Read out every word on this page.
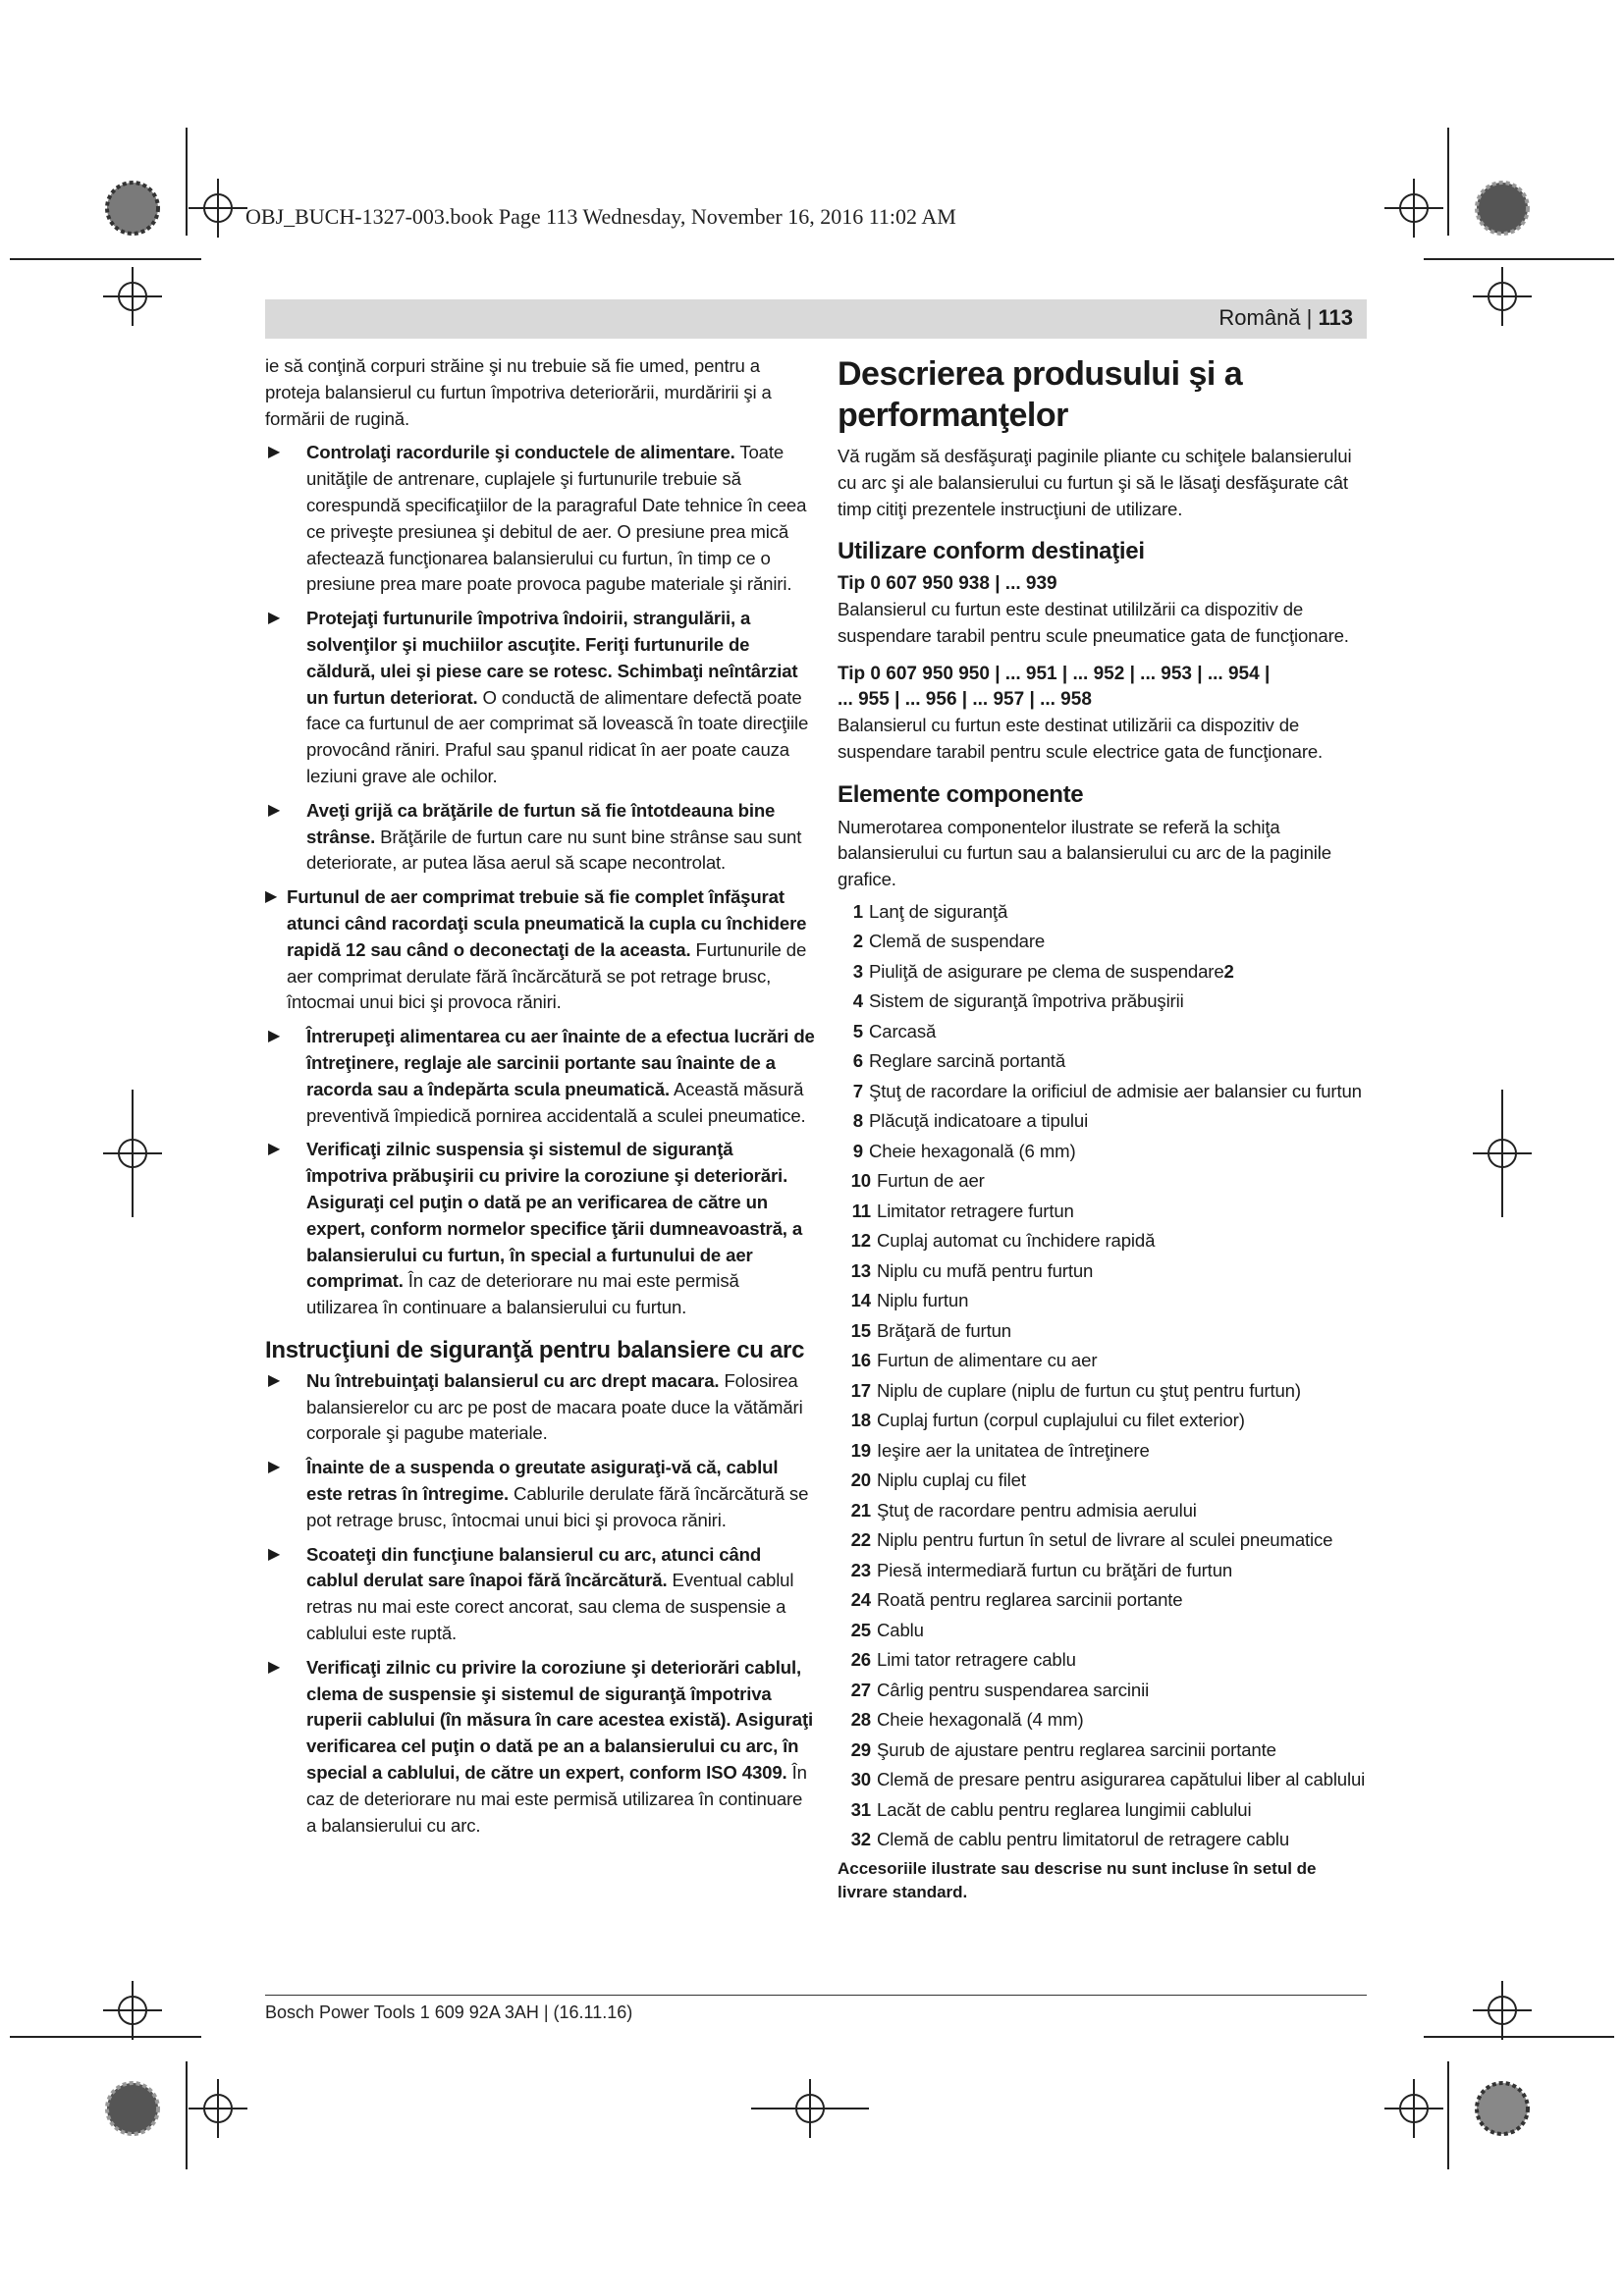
OBJ_BUCH-1327-003.book Page 113 Wednesday, November 16, 2016 11:02 AM
Română | 113

ie să conţină corpuri străine şi nu trebuie să fie umed, pentru a proteja balansierul cu furtun împotriva deteriorării, murdăririi şi a formării de rugină.

▶ Controlaţi racordurile şi conductele de alimentare. Toate unităţile de antrenare, cuplajele şi furtunurile trebuie să corespundă specificaţiilor de la paragraful Date tehnice în ceea ce priveşte presiunea şi debitul de aer. O presiune prea mică afectează funcţionarea balansierului cu furtun, în timp ce o presiune prea mare poate provoca pagube materiale şi răniri.
▶ Protejaţi furtunurile împotriva îndoirii, strangulării, a solvenţilor şi muchiilor ascuţite. Feriţi furtunurile de căldură, ulei şi piese care se rotesc. Schimbaţi neîntârziat un furtun deteriorat. O conductă de alimentare defectă poate face ca furtunul de aer comprimat să lovească în toate direcţiile provocând răniri. Praful sau şpanul ridicat în aer poate cauza leziuni grave ale ochilor.
▶ Aveţi grijă ca brăţările de furtun să fie întotdeauna bine strânse. Brăţările de furtun care nu sunt bine strânse sau sunt deteriorate, ar putea lăsa aerul să scape necontrolat.
▶ Furtunul de aer comprimat trebuie să fie complet înfăşurat atunci când racordaţi scula pneumatică la cupla cu închidere rapidă 12 sau când o deconectaţi de la aceasta. Furtunurile de aer comprimat derulate fără încărcătură se pot retrage brusc, întocmai unui bici şi provoca răniri.
▶ Întrerupeţi alimentarea cu aer înainte de a efectua lucrări de întreţinere, reglaje ale sarcinii portante sau înainte de a racorda sau a îndepărta scula pneumatică. Această măsură preventivă împiedică pornirea accidentală a sculei pneumatice.
▶ Verificaţi zilnic suspensia şi sistemul de siguranţă împotriva prăbuşirii cu privire la coroziune şi deteriorări. Asiguraţi cel puţin o dată pe an verificarea de către un expert, conform normelor specifice ţării dumneavoastră, a balansierului cu furtun, în special a furtunului de aer comprimat. În caz de deteriorare nu mai este permisă utilizarea în continuare a balansierului cu furtun.
Instrucţiuni de siguranţă pentru balansiere cu arc
▶ Nu întrebuinţaţi balansierul cu arc drept macara. Folosirea balansierelor cu arc pe post de macara poate duce la vătămări corporale şi pagube materiale.
▶ Înainte de a suspenda o greutate asiguraţi-vă că, cablul este retras în întregime. Cablurile derulate fără încărcătură se pot retrage brusc, întocmai unui bici şi provoca răniri.
▶ Scoateţi din funcţiune balansierul cu arc, atunci când cablul derulat sare înapoi fără încărcătură. Eventual cablul retras nu mai este corect ancorat, sau clema de suspensie a cablului este ruptă.
▶ Verificaţi zilnic cu privire la coroziune şi deteriorări cablul, clema de suspensie şi sistemul de siguranţă împotriva ruperii cablului (în măsura în care acestea există). Asiguraţi verificarea cel puţin o dată pe an a balansierului cu arc, în special a cablului, de către un expert, conform ISO 4309. În caz de deteriorare nu mai este permisă utilizarea în continuare a balansierului cu arc.
Descrierea produsului şi a performanţelor

Vă rugăm să desfăşuraţi paginile pliante cu schiţele balansierului cu arc şi ale balansierului cu furtun şi să le lăsaţi desfăşurate cât timp citiţi prezentele instrucţiuni de utilizare.

Utilizare conform destinaţiei
Tip 0 607 950 938 | ... 939

Balansierul cu furtun este destinat utililzării ca dispozitiv de suspendare tarabil pentru scule pneumatice gata de funcţionare.

Tip 0 607 950 950 | ... 951 | ... 952 | ... 953 | ... 954 |
... 955 | ... 956 | ... 957 | ... 958

Balansierul cu furtun este destinat utilizării ca dispozitiv de suspendare tarabil pentru scule electrice gata de funcţionare.

Elemente componente

Numerotarea componentelor ilustrate se referă la schiţa balansierului cu furtun sau a balansierului cu arc de la paginile grafice.

1 Lanţ de siguranţă
2 Clemă de suspendare
3 Piuliţă de asigurare pe clema de suspendare2
4 Sistem de siguranţă împotriva prăbuşirii
5 Carcasă
6 Reglare sarcină portantă
7 Ştuţ de racordare la orificiul de admisie aer balansier cu furtun
8 Plăcuţă indicatoare a tipului
9 Cheie hexagonală (6 mm)
10 Furtun de aer
11 Limitator retragere furtun
12 Cuplaj automat cu închidere rapidă
13 Niplu cu mufă pentru furtun
14 Niplu furtun
15 Brăţară de furtun
16 Furtun de alimentare cu aer
17 Niplu de cuplare (niplu de furtun cu ştuţ pentru furtun)
18 Cuplaj furtun (corpul cuplajului cu filet exterior)
19 Ieşire aer la unitatea de întreţinere
20 Niplu cuplaj cu filet
21 Ştuţ de racordare pentru admisia aerului
22 Niplu pentru furtun în setul de livrare al sculei pneumatice
23 Piesă intermediară furtun cu brăţări de furtun
24 Roată pentru reglarea sarcinii portante
25 Cablu
26 Limi tator retragere cablu
27 Cârlig pentru suspendarea sarcinii
28 Cheie hexagonală (4 mm)
29 Şurub de ajustare pentru reglarea sarcinii portante
30 Clemă de presare pentru asigurarea capătului liber al cablului
31 Lacăt de cablu pentru reglarea lungimii cablului
32 Clemă de cablu pentru limitatorul de retragere cablu
Accesoriile ilustrate sau descrise nu sunt incluse în setul de livrare standard.
Bosch Power Tools 1 609 92A 3AH | (16.11.16)
